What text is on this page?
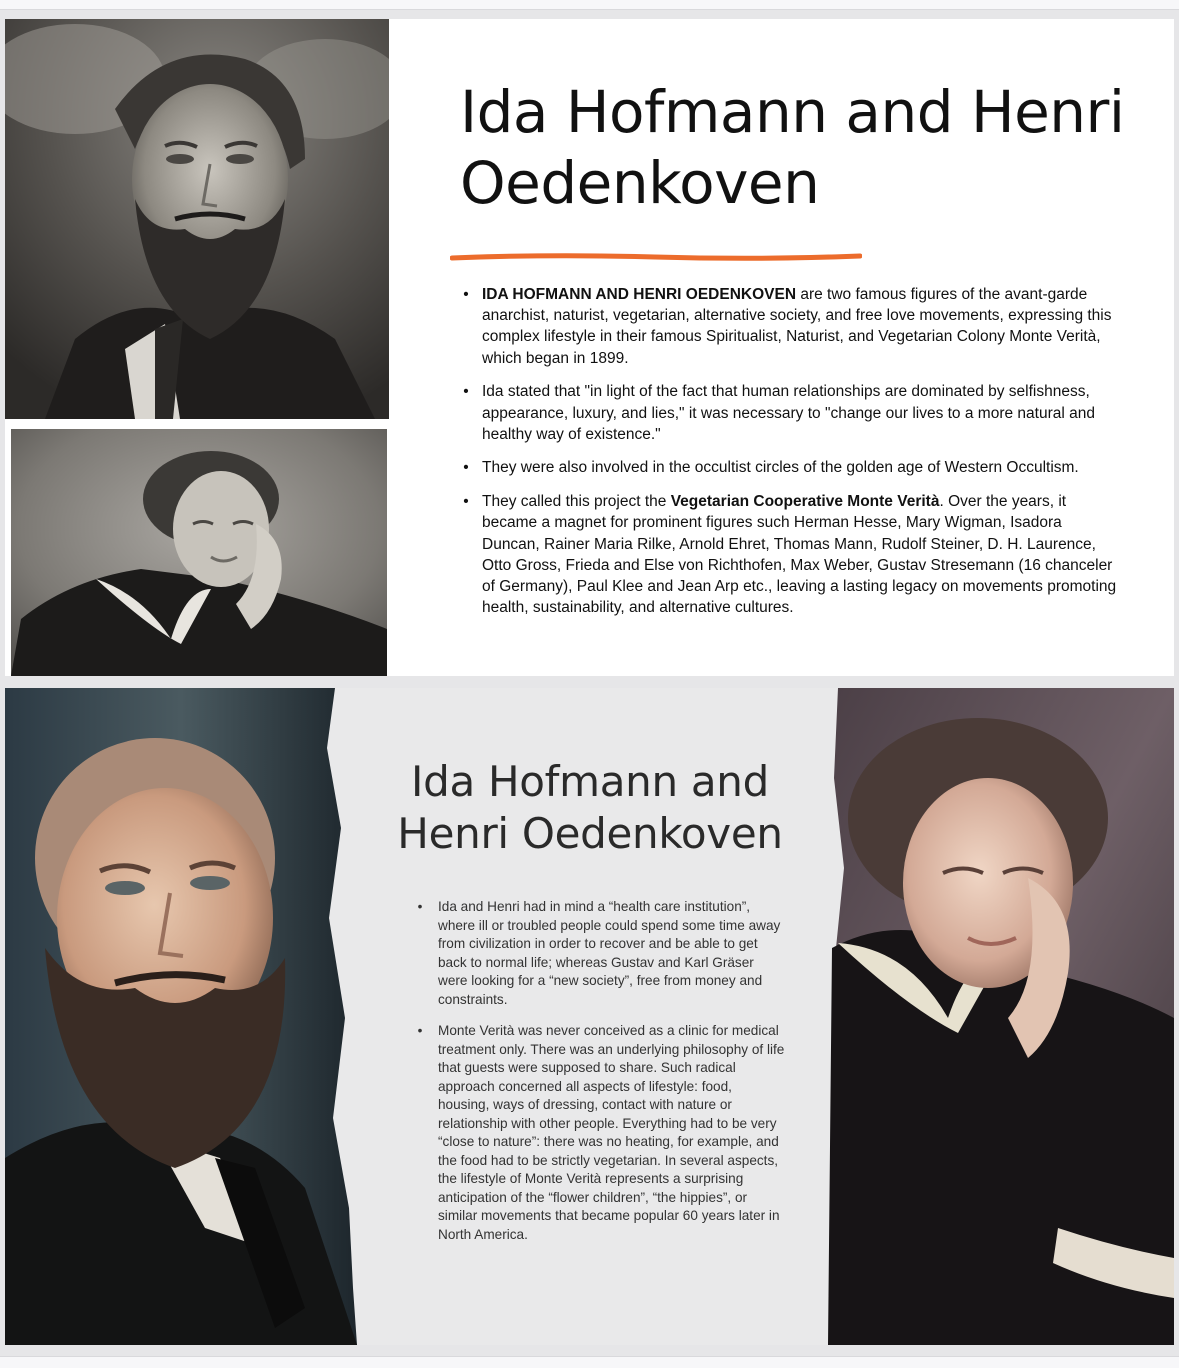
Ida Hofmann and Henri Oedenkoven
• IDA HOFMANN AND HENRI OEDENKOVEN are two famous figures of the avant-garde anarchist, naturist, vegetarian, alternative society, and free love movements, expressing this complex lifestyle in their famous Spiritualist, Naturist, and Vegetarian Colony Monte Verità, which began in 1899.
• Ida stated that "in light of the fact that human relationships are dominated by selfishness, appearance, luxury, and lies," it was necessary to "change our lives to a more natural and healthy way of existence."
• They were also involved in the occultist circles of the golden age of Western Occultism.
• They called this project the Vegetarian Cooperative Monte Verità. Over the years, it became a magnet for prominent figures such Herman Hesse, Mary Wigman, Isadora Duncan, Rainer Maria Rilke, Arnold Ehret, Thomas Mann, Rudolf Steiner, D. H. Laurence, Otto Gross, Frieda and Else von Richthofen, Max Weber, Gustav Stresemann (16 chanceler of Germany), Paul Klee and Jean Arp etc., leaving a lasting legacy on movements promoting health, sustainability, and alternative cultures.
Ida Hofmann and Henri Oedenkoven
• Ida and Henri had in mind a “health care institution”, where ill or troubled people could spend some time away from civilization in order to recover and be able to get back to normal life; whereas Gustav and Karl Gräser were looking for a “new society”, free from money and constraints.
• Monte Verità was never conceived as a clinic for medical treatment only. There was an underlying philosophy of life that guests were supposed to share. Such radical approach concerned all aspects of lifestyle: food, housing, ways of dressing, contact with nature or relationship with other people. Everything had to be very “close to nature”: there was no heating, for example, and the food had to be strictly vegetarian. In several aspects, the lifestyle of Monte Verità represents a surprising anticipation of the “flower children”, “the hippies”, or similar movements that became popular 60 years later in North America.
